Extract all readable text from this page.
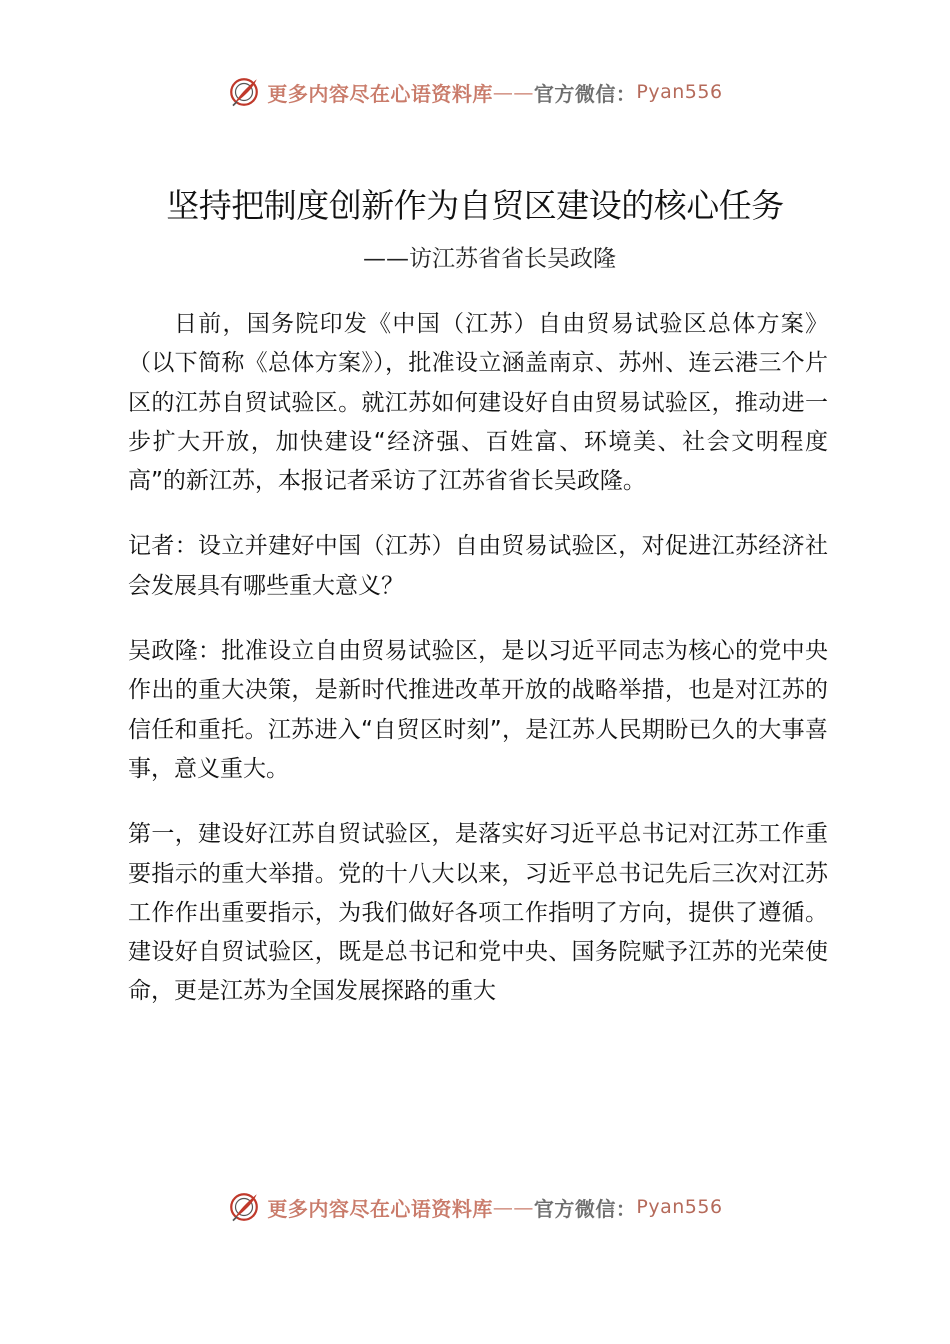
更多内容尽在心语资料库 —— 官方微信： Pyan556
坚持把制度创新作为自贸区建设的核心任务
——访江苏省省长吴政隆

日前，国务院印发《中国（江苏）自由贸易试验区总体方案》（以下简称《总体方案》），批准设立涵盖南京、苏州、连云港三个片区的江苏自贸试验区。就江苏如何建设好自由贸易试验区，推动进一步扩大开放，加快建设“经济强、百姓富、环境美、社会文明程度高”的新江苏，本报记者采访了江苏省省长吴政隆。

记者：设立并建好中国（江苏）自由贸易试验区，对促进江苏经济社会发展具有哪些重大意义？

吴政隆：批准设立自由贸易试验区，是以习近平同志为核心的党中央作出的重大决策，是新时代推进改革开放的战略举措，也是对江苏的信任和重托。江苏进入“自贸区时刻”，是江苏人民期盼已久的大事喜事，意义重大。

第一，建设好江苏自贸试验区，是落实好习近平总书记对江苏工作重要指示的重大举措。党的十八大以来，习近平总书记先后三次对江苏工作作出重要指示，为我们做好各项工作指明了方向，提供了遵循。建设好自贸试验区，既是总书记和党中央、国务院赋予江苏的光荣使命，更是江苏为全国发展探路的重大

更多内容尽在心语资料库 —— 官方微信： Pyan556
